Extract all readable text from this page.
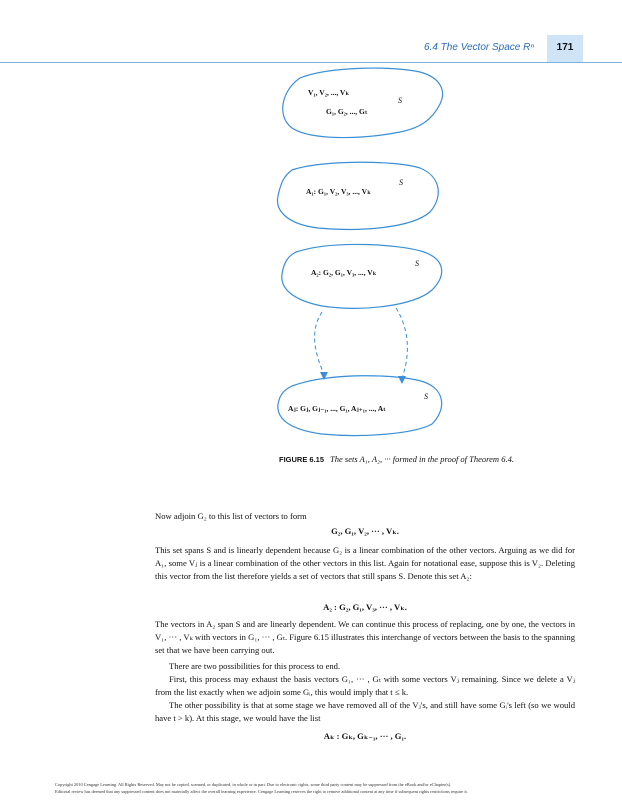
6.4 The Vector Space Rⁿ	171
V₁, V₂, ..., Vₖ
G₁, G₂, ..., Gₜ
S
A₁: G₁, V₂, V₃, ..., Vₖ
S
A₂: G₂, G₁, V₃, ..., Vₖ
S
Aⱼ: Gⱼ, Gⱼ₋₁, ..., G₁, Aⱼ₊₁, ..., Aₜ
S
FIGURE 6.15 The sets A₁, A₂, ··· formed in the proof of Theorem 6.4.
Now adjoin G₂ to this list of vectors to form
G₂, G₁, V₂, ··· , Vₖ.
This set spans S and is linearly dependent because G₂ is a linear combination of the other vectors. Arguing as we did for A₁, some Vⱼ is a linear combination of the other vectors in this list. Again for notational ease, suppose this is V₂. Deleting this vector from the list therefore yields a set of vectors that still spans S. Denote this set A₂:
A₂ : G₂, G₁, V₃, ··· , Vₖ.
The vectors in A₂ span S and are linearly dependent. We can continue this process of replacing, one by one, the vectors in V₁, ··· , Vₖ with vectors in G₁, ··· , Gₜ. Figure 6.15 illustrates this interchange of vectors between the basis to the spanning set that we have been carrying out.
There are two possibilities for this process to end.
First, this process may exhaust the basis vectors G₁, ··· , Gₜ with some vectors Vⱼ remaining. Since we delete a Vⱼ from the list exactly when we adjoin some Gᵢ, this would imply that t ≤ k.
The other possibility is that at some stage we have removed all of the Vⱼ's, and still have some Gᵢ's left (so we would have t > k). At this stage, we would have the list
Aₖ : Gₖ, Gₖ₋₁, ··· , G₁.
Copyright 2010 Cengage Learning. All Rights Reserved. May not be copied, scanned, or duplicated, in whole or in part. Due to electronic rights, some third party content may be suppressed from the eBook and/or eChapter(s).
Editorial review has deemed that any suppressed content does not materially affect the overall learning experience. Cengage Learning reserves the right to remove additional content at any time if subsequent rights restrictions require it.
